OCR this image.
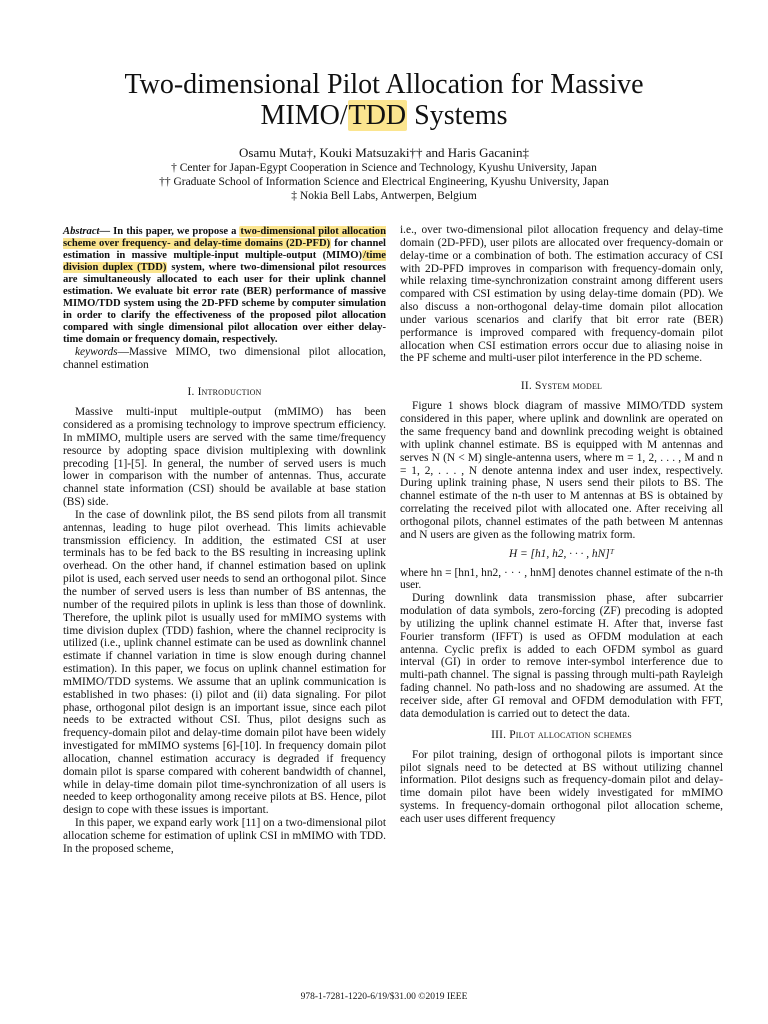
Two-dimensional Pilot Allocation for Massive
MIMO/TDD Systems
Osamu Muta†, Kouki Matsuzaki†† and Haris Gacanin‡
† Center for Japan-Egypt Cooperation in Science and Technology, Kyushu University, Japan
†† Graduate School of Information Science and Electrical Engineering, Kyushu University, Japan
‡ Nokia Bell Labs, Antwerpen, Belgium

Abstract— In this paper, we propose a two-dimensional pilot allocation scheme over frequency- and delay-time domains (2D-PFD) for channel estimation in massive multiple-input multiple-output (MIMO)/time division duplex (TDD) system, where two-dimensional pilot resources are simultaneously allocated to each user for their uplink channel estimation. We evaluate bit error rate (BER) performance of massive MIMO/TDD system using the 2D-PFD scheme by computer simulation in order to clarify the effectiveness of the proposed pilot allocation compared with single dimensional pilot allocation over either delay-time domain or frequency domain, respectively.

keywords—Massive MIMO, two dimensional pilot allocation, channel estimation

I. Introduction

Massive multi-input multiple-output (mMIMO) has been considered as a promising technology to improve spectrum efficiency. In mMIMO, multiple users are served with the same time/frequency resource by adopting space division multiplexing with downlink precoding [1]-[5]. In general, the number of served users is much lower in comparison with the number of antennas. Thus, accurate channel state information (CSI) should be available at base station (BS) side.

In the case of downlink pilot, the BS send pilots from all transmit antennas, leading to huge pilot overhead. This limits achievable transmission efficiency. In addition, the estimated CSI at user terminals has to be fed back to the BS resulting in increasing uplink overhead. On the other hand, if channel estimation based on uplink pilot is used, each served user needs to send an orthogonal pilot. Since the number of served users is less than number of BS antennas, the number of the required pilots in uplink is less than those of downlink. Therefore, the uplink pilot is usually used for mMIMO systems with time division duplex (TDD) fashion, where the channel reciprocity is utilized (i.e., uplink channel estimate can be used as downlink channel estimate if channel variation in time is slow enough during channel estimation). In this paper, we focus on uplink channel estimation for mMIMO/TDD systems. We assume that an uplink communication is established in two phases: (i) pilot and (ii) data signaling. For pilot phase, orthogonal pilot design is an important issue, since each pilot needs to be extracted without CSI. Thus, pilot designs such as frequency-domain pilot and delay-time domain pilot have been widely investigated for mMIMO systems [6]-[10]. In frequency domain pilot allocation, channel estimation accuracy is degraded if frequency domain pilot is sparse compared with coherent bandwidth of channel, while in delay-time domain pilot time-synchronization of all users is needed to keep orthogonality among receive pilots at BS. Hence, pilot design to cope with these issues is important.

In this paper, we expand early work [11] on a two-dimensional pilot allocation scheme for estimation of uplink CSI in mMIMO with TDD. In the proposed scheme,

i.e., over two-dimensional pilot allocation frequency and delay-time domain (2D-PFD), user pilots are allocated over frequency-domain or delay-time or a combination of both. The estimation accuracy of CSI with 2D-PFD improves in comparison with frequency-domain only, while relaxing time-synchronization constraint among different users compared with CSI estimation by using delay-time domain (PD). We also discuss a non-orthogonal delay-time domain pilot allocation under various scenarios and clarify that bit error rate (BER) performance is improved compared with frequency-domain pilot allocation when CSI estimation errors occur due to aliasing noise in the PF scheme and multi-user pilot interference in the PD scheme.

II. System model

Figure 1 shows block diagram of massive MIMO/TDD system considered in this paper, where uplink and downlink are operated on the same frequency band and downlink precoding weight is obtained with uplink channel estimate. BS is equipped with M antennas and serves N (N < M) single-antenna users, where m = 1, 2, . . . , M and n = 1, 2, . . . , N denote antenna index and user index, respectively. During uplink training phase, N users send their pilots to BS. The channel estimate of the n-th user to M antennas at BS is obtained by correlating the received pilot with allocated one. After receiving all orthogonal pilots, channel estimates of the path between M antennas and N users are given as the following matrix form.

H = [h1, h2, · · · , hN]ᵀ

where hn = [hn1, hn2, · · · , hnM] denotes channel estimate of the n-th user.

During downlink data transmission phase, after subcarrier modulation of data symbols, zero-forcing (ZF) precoding is adopted by utilizing the uplink channel estimate H. After that, inverse fast Fourier transform (IFFT) is used as OFDM modulation at each antenna. Cyclic prefix is added to each OFDM symbol as guard interval (GI) in order to remove inter-symbol interference due to multi-path channel. The signal is passing through multi-path Rayleigh fading channel. No path-loss and no shadowing are assumed. At the receiver side, after GI removal and OFDM demodulation with FFT, data demodulation is carried out to detect the data.

III. Pilot allocation schemes

For pilot training, design of orthogonal pilots is important since pilot signals need to be detected at BS without utilizing channel information. Pilot designs such as frequency-domain pilot and delay-time domain pilot have been widely investigated for mMIMO systems. In frequency-domain orthogonal pilot allocation scheme, each user uses different frequency

978-1-7281-1220-6/19/$31.00 ©2019 IEEE
